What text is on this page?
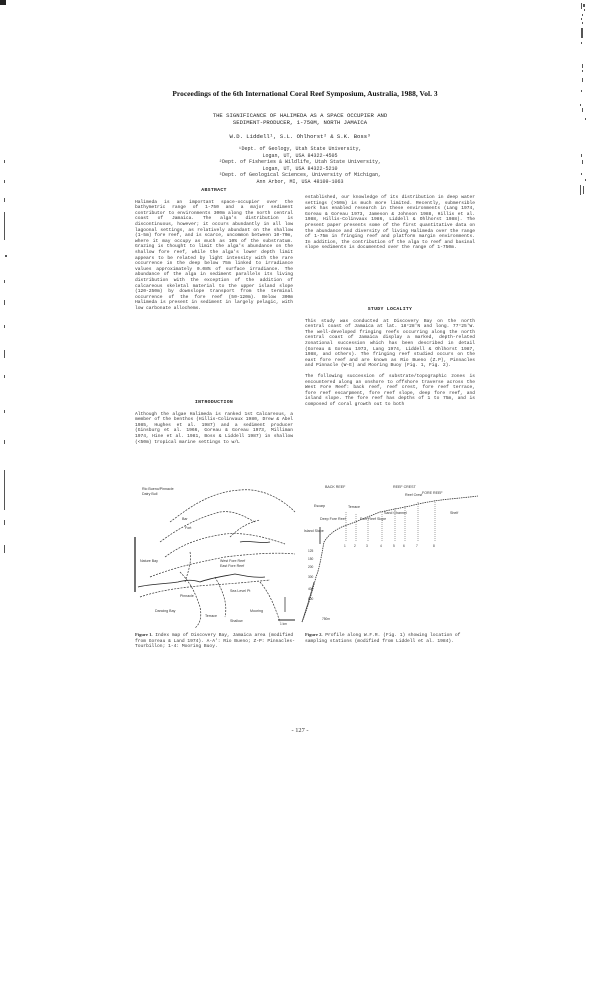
Proceedings of the 6th International Coral Reef Symposium, Australia, 1988, Vol. 3
THE SIGNIFICANCE OF HALIMEDA AS A SPACE OCCUPIER AND
SEDIMENT-PRODUCER, 1-750M, NORTH JAMAICA
W.D. Liddell¹, S.L. Ohlhorst² & S.K. Boss³
¹Dept. of Geology, Utah State University,
Logan, UT, USA 84322-4505
²Dept. of Fisheries & Wildlife, Utah State University,
Logan, UT, USA 84322-5210
³Dept. of Geological Sciences, University of Michigan,
Ann Arbor, MI, USA 48109-1063
ABSTRACT

Halimeda is an important space-occupier over the bathymetric range of 1-750 and a major sediment contributor to environments 300m along the north central coast of Jamaica. The alga's distribution is discontinuous, however; it occurs abundantly in all low lagoonal settings, as relatively abundant on the shallow (1-5m) fore reef, and is scarce, uncommon between 10-70m, where it may occupy as much as 10% of the substratum. Grazing is thought to limit the alga's abundance on the shallow fore reef, while the alga's lower depth limit appears to be related by light intensity with the rare occurrence in the deep below 75m linked to irradiance values approximately 0.08% of surface irradiance. The abundance of the alga in sediment parallels its living distribution with the exception of the addition of calcareous skeletal material to the upper island slope (120-250m) by downslope transport from the terminal occurrence of the fore reef (50-120m). Below 300m Halimeda is present in sediment in largely pelagic, with low carbonate allochems.

INTRODUCTION

Although the algae Halimeda is ranked 1st Calcareous, a member of the benthos (Hillis-Colinvaux 1980, Drew & Abel 1985, Hughes et al. 1987) and a sediment producer (Ginsburg et al. 1966, Goreau & Goreau 1973, Milliman 1974, Hine et al. 1981, Boss & Liddell 1987) in shallow (<50m) tropical marine settings to w/L

established, our knowledge of its distribution in deep water settings (>50m) is much more limited. Recently, submersible work has enabled research in these environments (Lang 1974, Goreau & Goreau 1973, Jameson & Johnson 1988, Hillis et al. 1988, Hillis-Colinvaux 1986, Liddell & Ohlhorst 1988). The present paper presents some of the first quantitative data on the abundance and diversity of living Halimeda over the range of 1-75m in fringing reef and platform margin environments. In addition, the contribution of the alga to reef and basinal slope sediments is documented over the range of 1-750m.

STUDY LOCALITY

This study was conducted at Discovery Bay on the north central coast of Jamaica at lat. 18°28'N and long. 77°25'W. The well-developed fringing reefs occurring along the north central coast of Jamaica display a marked, depth-related zonational succession which has been described in detail (Goreau & Goreau 1973, Lang 1974, Liddell & Ohlhorst 1987, 1988, and others). The fringing reef studied occurs on the east fore reef and are known as Rio Bueno (Z.P), Pinnacles and Pinnacle (W-E) and Mooring Buoy (Fig. 1, Fig. 2).

The following succession of substrate/topographic zones is encountered along an onshore to offshore traverse across the West Fore Reef: back reef, reef crest, fore reef terrace, fore reef escarpment, fore reef slope, deep fore reef, and island slope. The fore reef has depths of 1 to 75m, and is composed of coral growth out to both

Rio Bueno/Pinnacle
Dairy Bull
Bar
West Fore Reef
East Fore Reef
Nature Bay
Dancing Bay
Fort
Sea Level Pt
Terrace
Mooring
Pinnacle
Shallow
1 km
Figure 1. Index map of Discovery Bay, Jamaica area (modified from Goreau & Land 1974). A-A’: Rio Bueno; Z-P: Pinnacles-Tourbillon; 1-4: Mooring Buoy.
BACK REEF	REEF CREST
FORE REEF
Reef Crest
Terrace
Escarp
Fore Reef Slope
Sand Channel
Deep Fore Reef
Island Slope
Shelf
1	2	3	4	5	6	7	8
125
150
200
300
400
600
750m
Figure 2. Profile along W.F.R. (Fig. 1) showing location of sampling stations (modified from Liddell et al. 1984).
- 127 -
